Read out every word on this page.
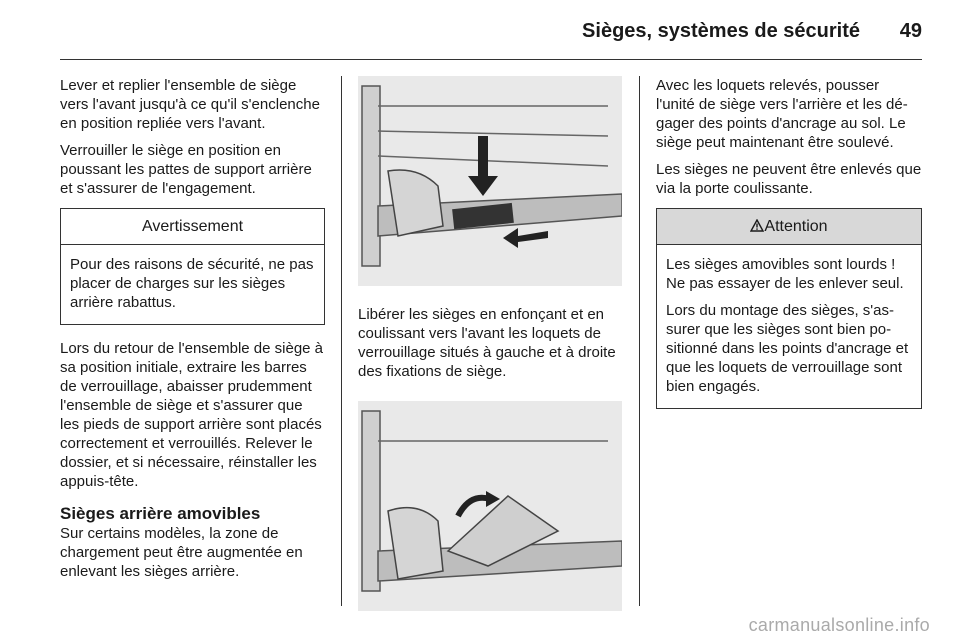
Sièges, systèmes de sécurité 49

Lever et replier l'ensemble de siège vers l'avant jusqu'à ce qu'il s'enclenche en position repliée vers l'avant.

Verrouiller le siège en position en poussant les pattes de support arrière et s'assurer de l'engagement.

Avertissement

Pour des raisons de sécurité, ne pas placer de charges sur les sièges arrière rabattus.

Lors du retour de l'ensemble de siège à sa position initiale, extraire les barres de verrouillage, abaisser prudemment l'ensemble de siège et s'assurer que les pieds de support arrière sont placés correctement et verrouillés. Relever le dossier, et si nécessaire, réinstaller les appuis-tête.

Sièges arrière amovibles

Sur certains modèles, la zone de chargement peut être augmentée en enlevant les sièges arrière.

Libérer les sièges en enfonçant et en coulissant vers l'avant les loquets de verrouillage situés à gauche et à droite des fixations de siège.

Avec les loquets relevés, pousser l'unité de siège vers l'arrière et les dégager des points d'ancrage au sol. Le siège peut maintenant être soulevé.

Les sièges ne peuvent être enlevés que via la porte coulissante.

Attention

Les sièges amovibles sont lourds ! Ne pas essayer de les enlever seul.

Lors du montage des sièges, s'assurer que les sièges sont bien positionné dans les points d'ancrage et que les loquets de verrouillage sont bien engagés.

carmanualsonline.info
